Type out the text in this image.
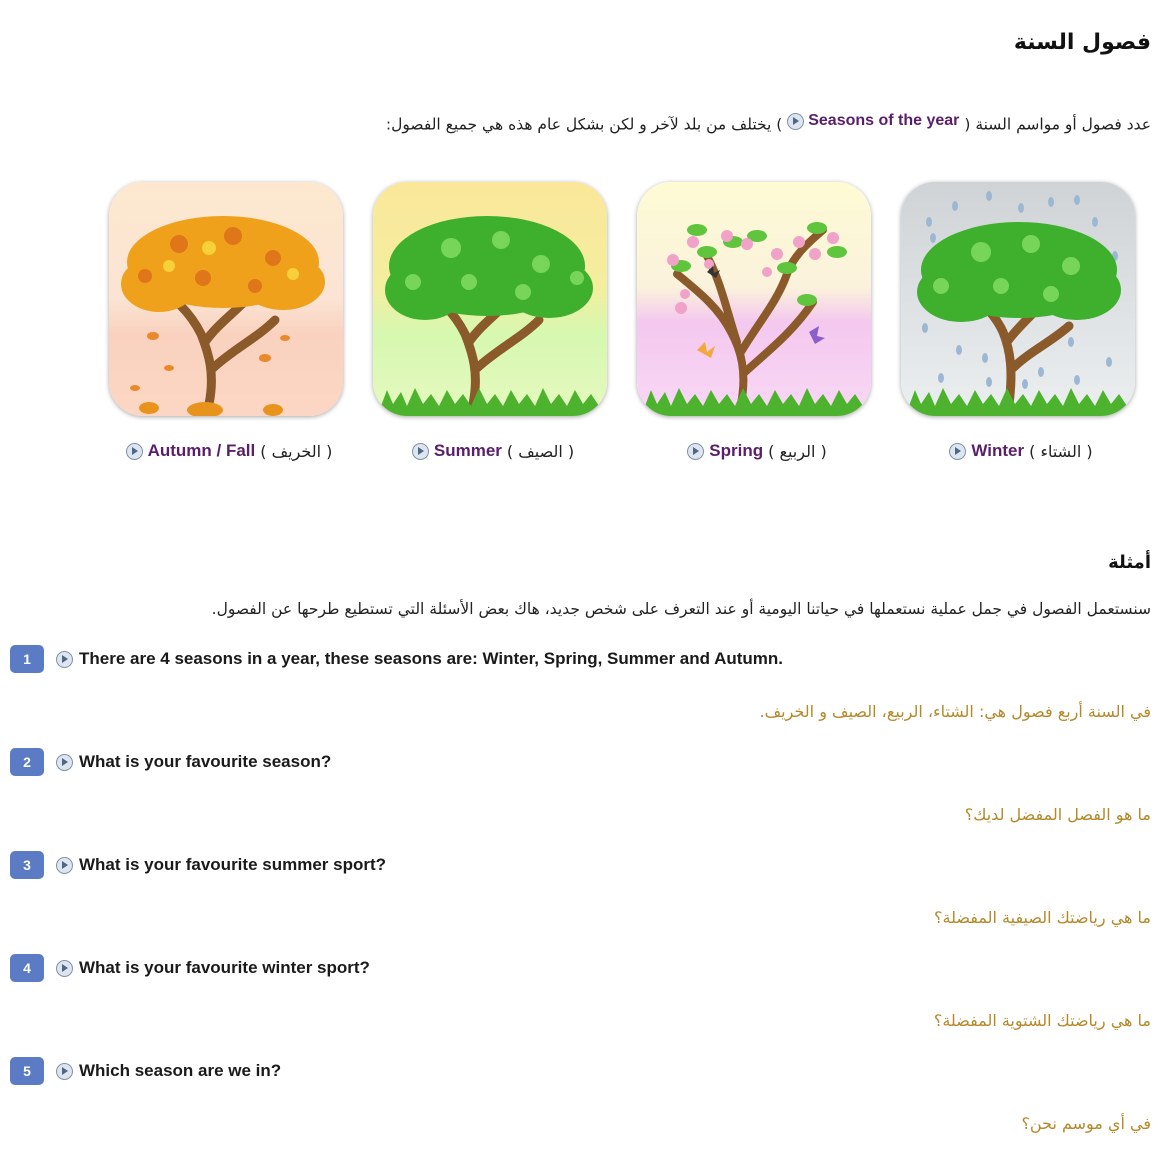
فصول السنة
عدد فصول أو مواسم السنة (
Seasons of the year
) يختلف من بلد لآخر و لكن بشكل عام هذه هي جميع الفصول:
Winter ( الشتاء )
Spring ( الربيع )
Summer ( الصيف )
Autumn / Fall ( الخريف )
أمثلة
سنستعمل الفصول في جمل عملية نستعملها في حياتنا اليومية أو عند التعرف على شخص جديد، هاك بعض الأسئلة التي تستطيع طرحها عن الفصول.
1	There are 4 seasons in a year, these seasons are: Winter, Spring, Summer and Autumn.
في السنة أربع فصول هي: الشتاء، الربيع، الصيف و الخريف.
2	What is your favourite season?
ما هو الفصل المفضل لديك؟
3	What is your favourite summer sport?
ما هي رياضتك الصيفية المفضلة؟
4	What is your favourite winter sport?
ما هي رياضتك الشتوية المفضلة؟
5	Which season are we in?
في أي موسم نحن؟
